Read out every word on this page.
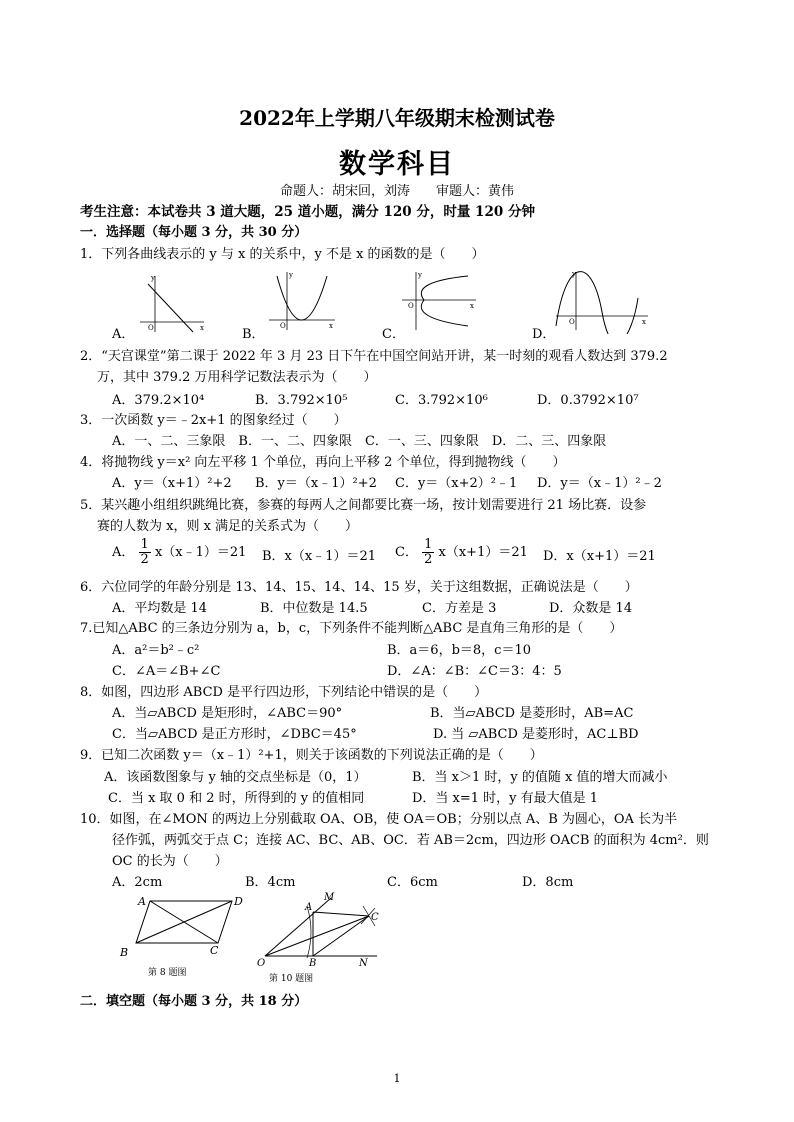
2022年上学期八年级期末检测试卷
数学科目
命题人：胡宋回，刘涛　　审题人：黄伟
考生注意：本试卷共 3 道大题，25 道小题，满分 120 分，时量 120 分钟
一．选择题（每小题 3 分，共 30 分）
1．下列各曲线表示的 y 与 x 的关系中，y 不是 x 的函数的是（　　）
A．	B．	C．	D．
y
x
O
y
x
O
y
x
O
y
x
O
2．“天宫课堂”第二课于 2022 年 3 月 23 日下午在中国空间站开讲，某一时刻的观看人数达到 379.2
万，其中 379.2 万用科学记数法表示为（　　）
A．379.2×10⁴	B．3.792×10⁵	C．3.792×10⁶	D．0.3792×10⁷
3．一次函数 y＝﹣2x+1 的图象经过（　　）
A．一、二、三象限　B．一、二、四象限　C．一、三、四象限　D．二、三、四象限
4．将抛物线 y＝x² 向左平移 1 个单位，再向上平移 2 个单位，得到抛物线（　　）
A．y＝（x+1）²+2 B．y＝（x﹣1）²+2 C．y＝（x+2）²﹣1 D．y＝（x﹣1）²﹣2
5．某兴趣小组组织跳绳比赛，参赛的每两人之间都要比赛一场，按计划需要进行 21 场比赛．设参
赛的人数为 x，则 x 满足的关系式为（　　）
A． $\frac{1}{2}$ x（x﹣1）＝21 B．x（x﹣1）＝21 C． $\frac{1}{2} x(x+1)=21$ D．x（x+1）＝21
6．六位同学的年龄分别是 13、14、15、14、14、15 岁，关于这组数据，正确说法是（　　）
A．平均数是 14	B．中位数是 14.5	C．方差是 3	D．众数是 14
7.已知△ABC 的三条边分别为 a，b，c，下列条件不能判断△ABC 是直角三角形的是（　　）
A．a²＝b²﹣c²	B．a＝6，b＝8，c＝10
C．∠A＝∠B+∠C	D．∠A：∠B：∠C＝3：4：5
8．如图，四边形 ABCD 是平行四边形，下列结论中错误的是（　　）
A．当▱ABCD 是矩形时，∠ABC＝90°	B．当▱ABCD 是菱形时，AB=AC
C．当▱ABCD 是正方形时，∠DBC＝45°	D. 当 ▱ABCD 是菱形时，AC⊥BD
9．已知二次函数 y＝（x﹣1）²+1，则关于该函数的下列说法正确的是（　　）
A．该函数图象与 y 轴的交点坐标是（0，1）	B．当 x＞1 时，y 的值随 x 值的增大而减小
C．当 x 取 0 和 2 时，所得到的 y 的值相同	D．当 x=1 时，y 有最大值是 1
10．如图，在∠MON 的两边上分别截取 OA、OB，使 OA＝OB；分别以点 A、B 为圆心，OA 长为半
径作弧，两弧交于点 C；连接 AC、BC、AB、OC．若 AB＝2cm，四边形 OACB 的面积为 4cm²．则
OC 的长为（　　）
A．2cm	B．4cm	C．6cm	D．8cm
A	D
B	C
第 8 题图
M
A
C
O	B	N
第 10 题图
二．填空题（每小题 3 分，共 18 分）
1
